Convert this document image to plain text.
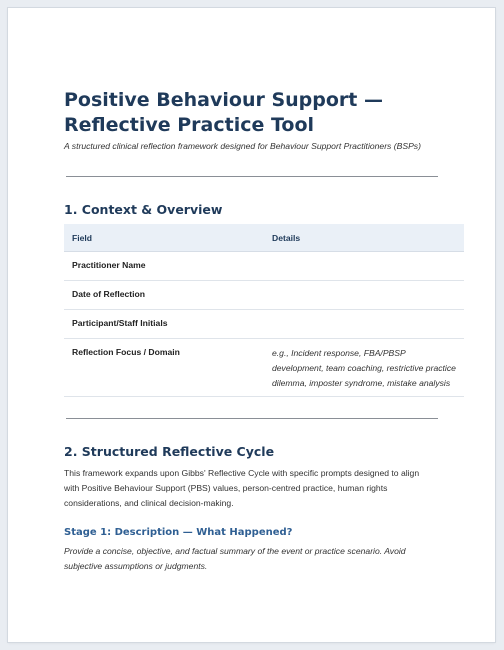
Positive Behaviour Support — Reflective Practice Tool

A structured clinical reflection framework designed for Behaviour Support Practitioners (BSPs)

1. Context & Overview
Field	Details
Practitioner Name	
Date of Reflection	
Participant/Staff Initials	
Reflection Focus / Domain	e.g., Incident response, FBA/PBSP development, team coaching, restrictive practice dilemma, imposter syndrome, mistake analysis
2. Structured Reflective Cycle

This framework expands upon Gibbs' Reflective Cycle with specific prompts designed to align with Positive Behaviour Support (PBS) values, person-centred practice, human rights considerations, and clinical decision-making.

Stage 1: Description — What Happened?

Provide a concise, objective, and factual summary of the event or practice scenario. Avoid subjective assumptions or judgments.
